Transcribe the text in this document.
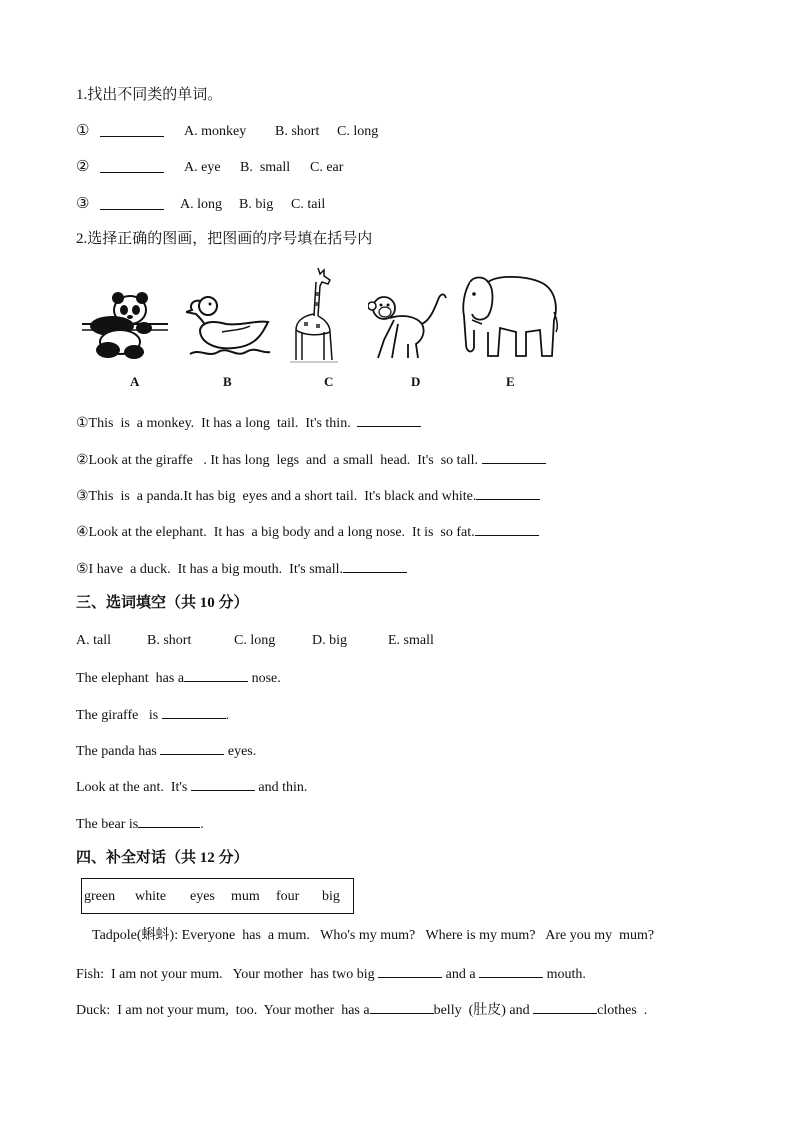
1.找出不同类的单词。
①	A. monkey B. short C. long
②	A. eye B.  small C. ear
③	A. long B. big C. tail
2.选择正确的图画，把图画的序号填在括号内
A	B	C	D	E
①This  is  a monkey.  It has a long  tail.  It's thin.
②Look at the giraffe   . It has long  legs  and  a small  head.  It's  so tall.
③This  is  a panda.It has big  eyes and a short tail.  It's black and white.
④Look at the elephant.  It has  a big body and a long nose.  It is  so fat.
⑤I have  a duck.  It has a big mouth.  It's small.
三、选词填空（共 10 分）
A. tall	B. short	C. long	D. big	E. small
The elephant  has a	nose.
The giraffe   is	.
The panda has	eyes.
Look at the ant.  It's	and thin.
The bear is	.
四、补全对话（共 12 分）
green white eyes mum four big
Tadpole(蝌蚪): Everyone  has  a mum.   Who's my mum?   Where is my mum?   Are you my  mum?
Fish:  I am not your mum.   Your mother  has two big	and a	mouth.
Duck:  I am not your mum,  too.  Your mother  has a	belly  (肚皮) and	clothes  .
